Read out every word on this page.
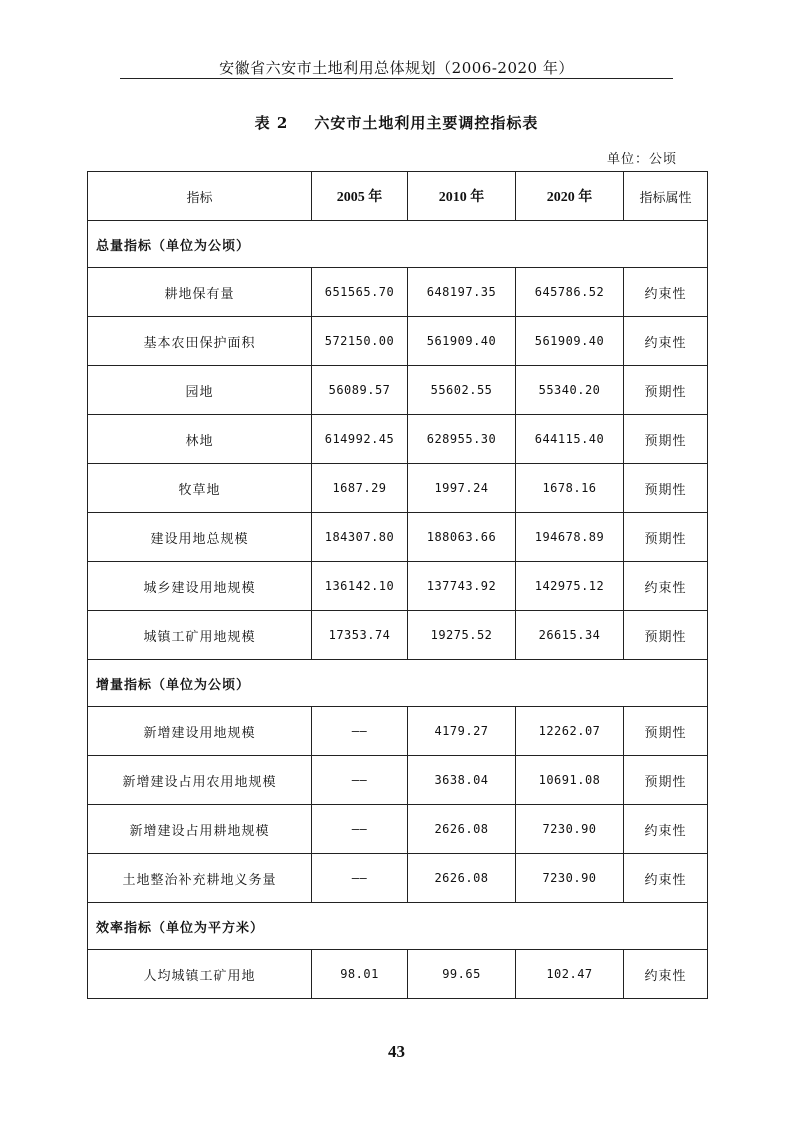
安徽省六安市土地利用总体规划（2006-2020 年）
表 2 六安市土地利用主要调控指标表
单位：公顷
指标	2005 年	2010 年	2020 年	指标属性
总量指标（单位为公顷）				
耕地保有量	651565.70	648197.35	645786.52	约束性
基本农田保护面积	572150.00	561909.40	561909.40	约束性
园地	56089.57	55602.55	55340.20	预期性
林地	614992.45	628955.30	644115.40	预期性
牧草地	1687.29	1997.24	1678.16	预期性
建设用地总规模	184307.80	188063.66	194678.89	预期性
城乡建设用地规模	136142.10	137743.92	142975.12	约束性
城镇工矿用地规模	17353.74	19275.52	26615.34	预期性
增量指标（单位为公顷）				
新增建设用地规模	——	4179.27	12262.07	预期性
新增建设占用农用地规模	——	3638.04	10691.08	预期性
新增建设占用耕地规模	——	2626.08	7230.90	约束性
土地整治补充耕地义务量	——	2626.08	7230.90	约束性
效率指标（单位为平方米）				
人均城镇工矿用地	98.01	99.65	102.47	约束性
43
